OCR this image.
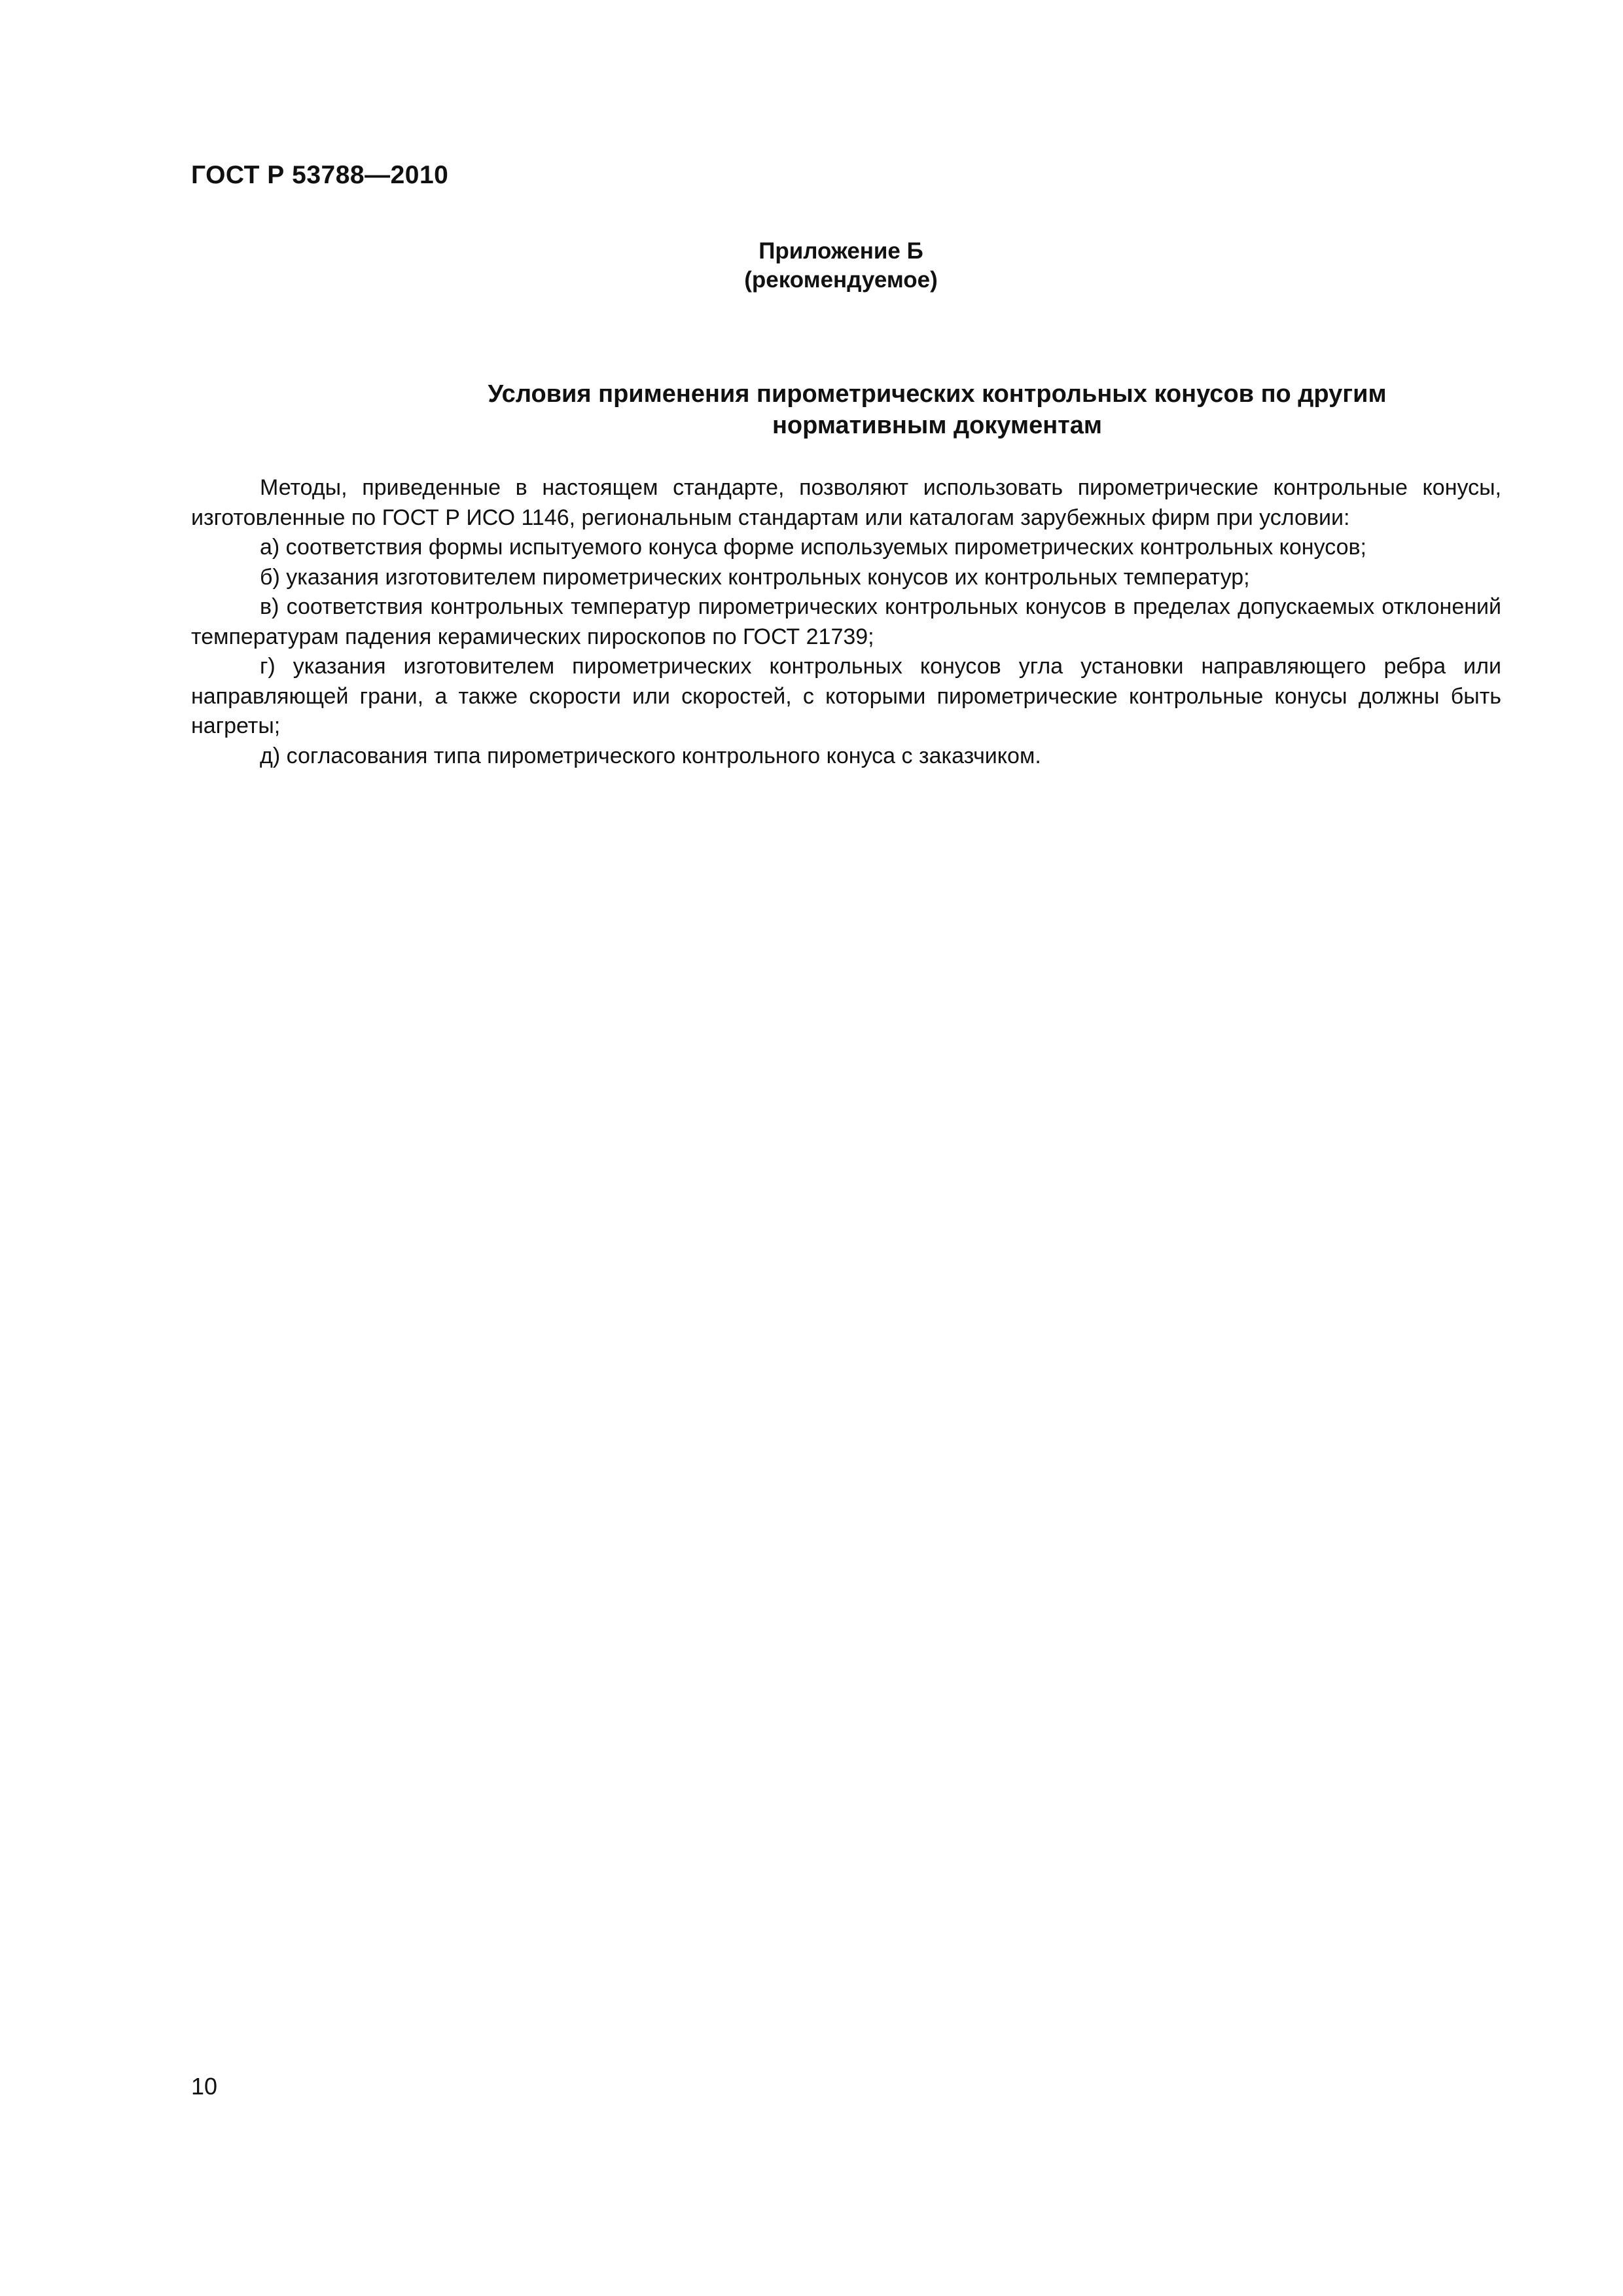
ГОСТ Р 53788—2010
Приложение Б
(рекомендуемое)
Условия применения пирометрических контрольных конусов по другим
нормативным документам

Методы, приведенные в настоящем стандарте, позволяют использовать пирометрические контрольные конусы, изготовленные по ГОСТ Р ИСО 1146, региональным стандартам или каталогам зарубежных фирм при условии:

а) соответствия формы испытуемого конуса форме используемых пирометрических контрольных конусов;

б) указания изготовителем пирометрических контрольных конусов их контрольных температур;

в) соответствия контрольных температур пирометрических контрольных конусов в пределах допускаемых отклонений температурам падения керамических пироскопов по ГОСТ 21739;

г) указания изготовителем пирометрических контрольных конусов угла установки направляющего ребра или направляющей грани, а также скорости или скоростей, с которыми пирометрические контрольные конусы должны быть нагреты;

д) согласования типа пирометрического контрольного конуса с заказчиком.

10
